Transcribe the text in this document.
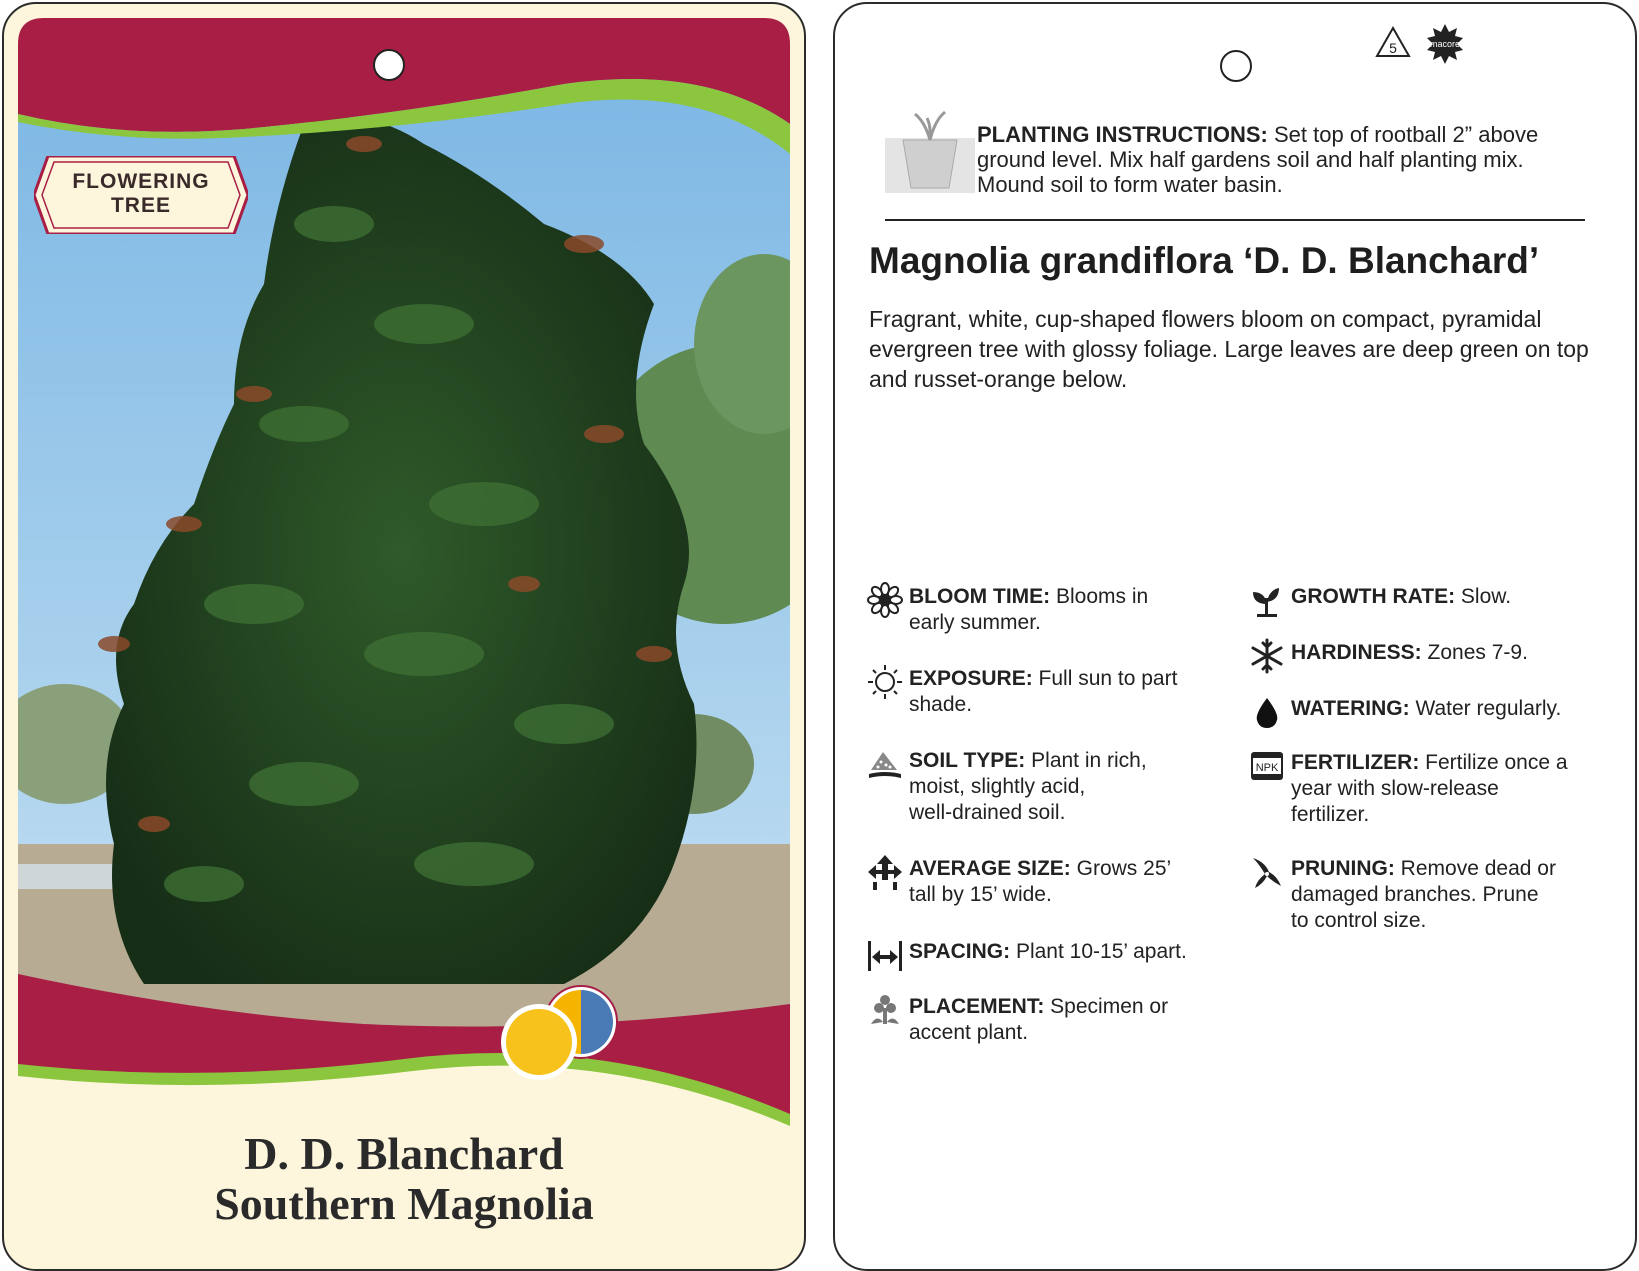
FLOWERING
TREE
D. D. Blanchard
Southern Magnolia
5	macore
PLANTING INSTRUCTIONS: Set top of rootball 2” above ground level. Mix half gardens soil and half planting mix. Mound soil to form water basin.
Magnolia grandiflora ‘D. D. Blanchard’
Fragrant, white, cup-shaped flowers bloom on compact, pyramidal evergreen tree with glossy foliage. Large leaves are deep green on top and russet-orange below.
BLOOM TIME: Blooms in
early summer.
EXPOSURE: Full sun to part
shade.
SOIL TYPE: Plant in rich,
moist, slightly acid,
well-drained soil.
AVERAGE SIZE: Grows 25’
tall by 15’ wide.
SPACING: Plant 10-15’ apart.
PLACEMENT: Specimen or
accent plant.
GROWTH RATE: Slow.
HARDINESS: Zones 7-9.
WATERING: Water regularly.
NPK FERTILIZER: Fertilize once a
year with slow-release
fertilizer.
PRUNING: Remove dead or
damaged branches. Prune
to control size.
